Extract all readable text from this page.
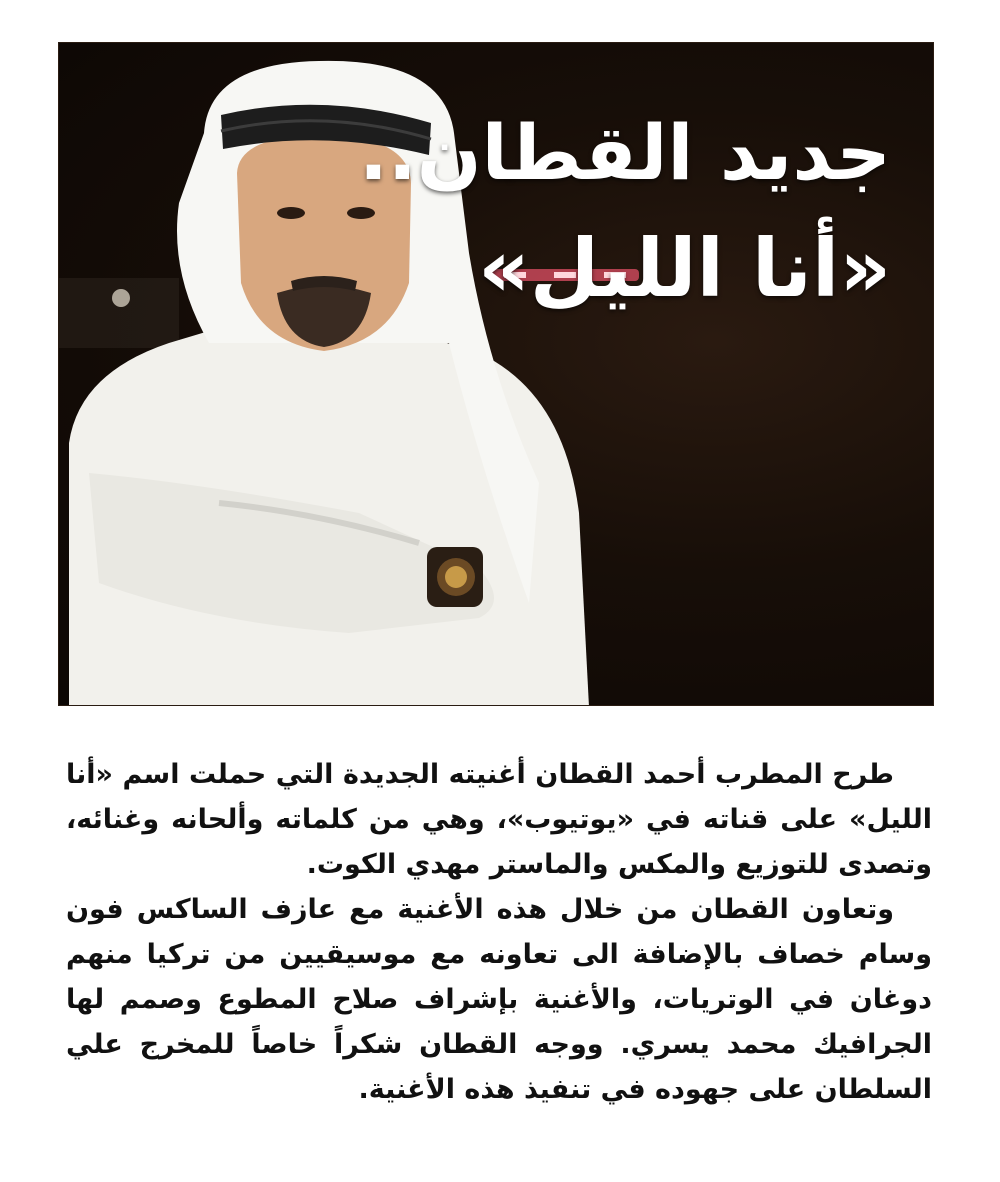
جديد القطان..
«أنا الليل»

طرح المطرب أحمد القطان أغنيته الجديدة التي حملت اسم «أنا الليل» على قناته في «يوتيوب»، وهي من كلماته وألحانه وغنائه، وتصدى للتوزيع والمكس والماستر مهدي الكوت.

وتعاون القطان من خلال هذه الأغنية مع عازف الساكس فون وسام خصاف بالإضافة الى تعاونه مع موسيقيين من تركيا منهم دوغان في الوتريات، والأغنية بإشراف صلاح المطوع وصمم لها الجرافيك محمد يسري. ووجه القطان شكراً خاصاً للمخرج علي السلطان على جهوده في تنفيذ هذه الأغنية.
